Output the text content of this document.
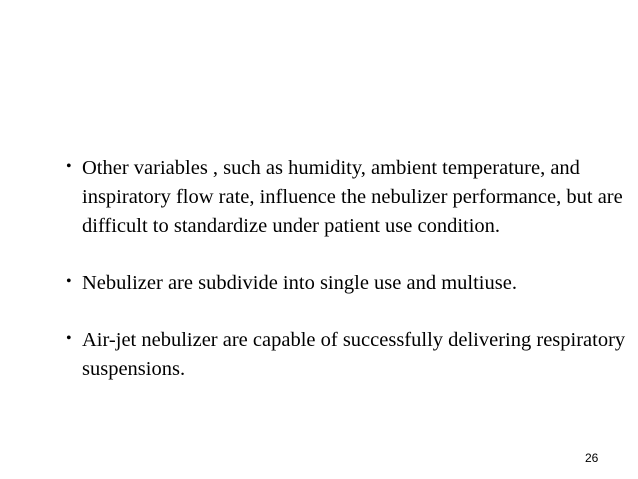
• Other variables , such as humidity, ambient temperature, and inspiratory flow rate, influence the nebulizer performance, but are difficult to standardize under patient use condition.
• Nebulizer are subdivide into single use and multiuse.
• Air-jet nebulizer are capable of successfully delivering respiratory suspensions.
26
